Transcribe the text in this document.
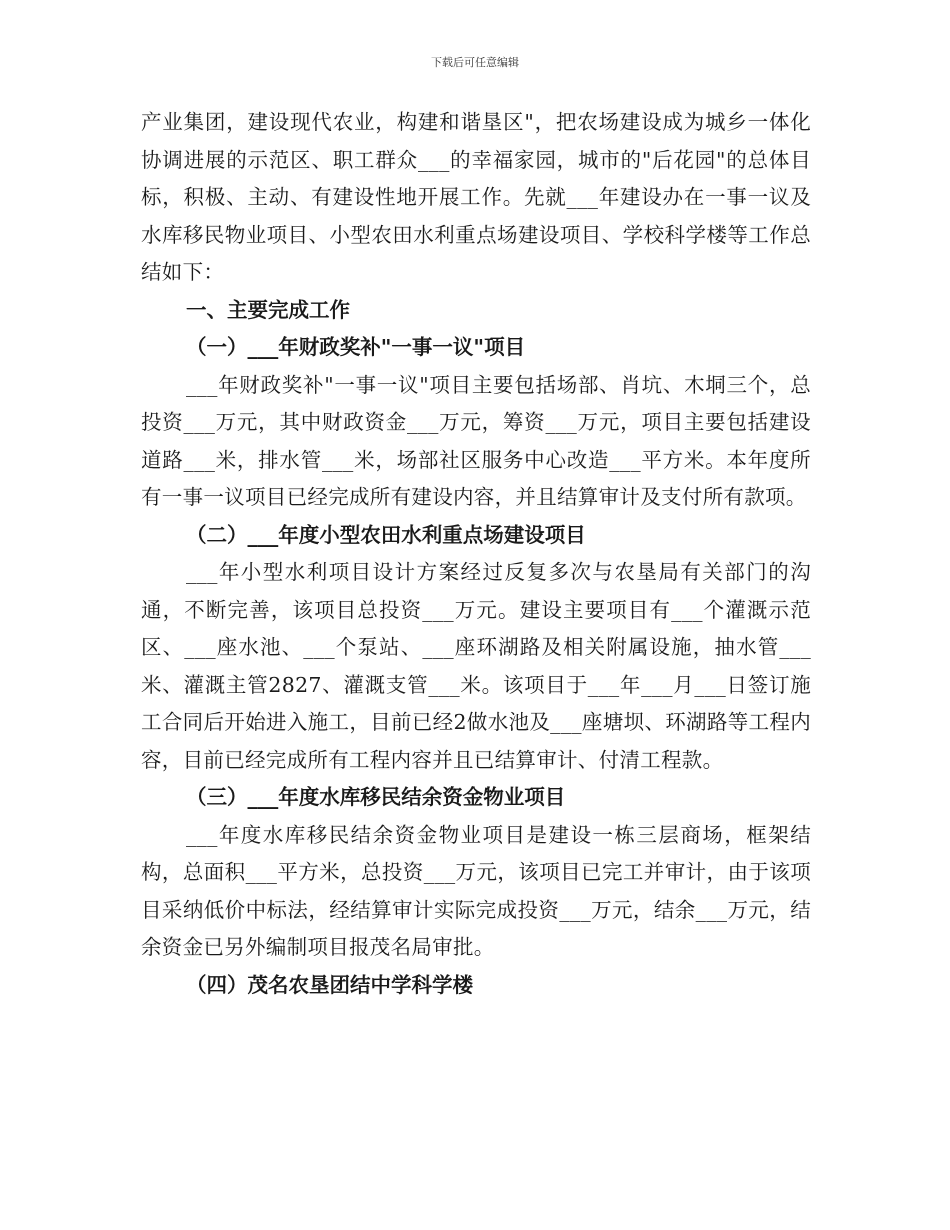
下载后可任意编辑

产业集团，建设现代农业，构建和谐垦区"，把农场建设成为城乡一体化协调进展的示范区、职工群众___的幸福家园，城市的"后花园"的总体目标，积极、主动、有建设性地开展工作。先就___年建设办在一事一议及水库移民物业项目、小型农田水利重点场建设项目、学校科学楼等工作总结如下：

一、主要完成工作

（一）___年财政奖补"一事一议"项目

___年财政奖补"一事一议"项目主要包括场部、肖坑、木垌三个，总投资___万元，其中财政资金___万元，筹资___万元，项目主要包括建设道路___米，排水管___米，场部社区服务中心改造___平方米。本年度所有一事一议项目已经完成所有建设内容，并且结算审计及支付所有款项。

（二）___年度小型农田水利重点场建设项目

___年小型水利项目设计方案经过反复多次与农垦局有关部门的沟通，不断完善，该项目总投资___万元。建设主要项目有___个灌溉示范区、___座水池、___个泵站、___座环湖路及相关附属设施，抽水管___米、灌溉主管2827、灌溉支管___米。该项目于___年___月___日签订施工合同后开始进入施工，目前已经2做水池及___座塘坝、环湖路等工程内容，目前已经完成所有工程内容并且已结算审计、付清工程款。

（三）___年度水库移民结余资金物业项目

___年度水库移民结余资金物业项目是建设一栋三层商场，框架结构，总面积___平方米，总投资___万元，该项目已完工并审计，由于该项目采纳低价中标法，经结算审计实际完成投资___万元，结余___万元，结余资金已另外编制项目报茂名局审批。

（四）茂名农垦团结中学科学楼
